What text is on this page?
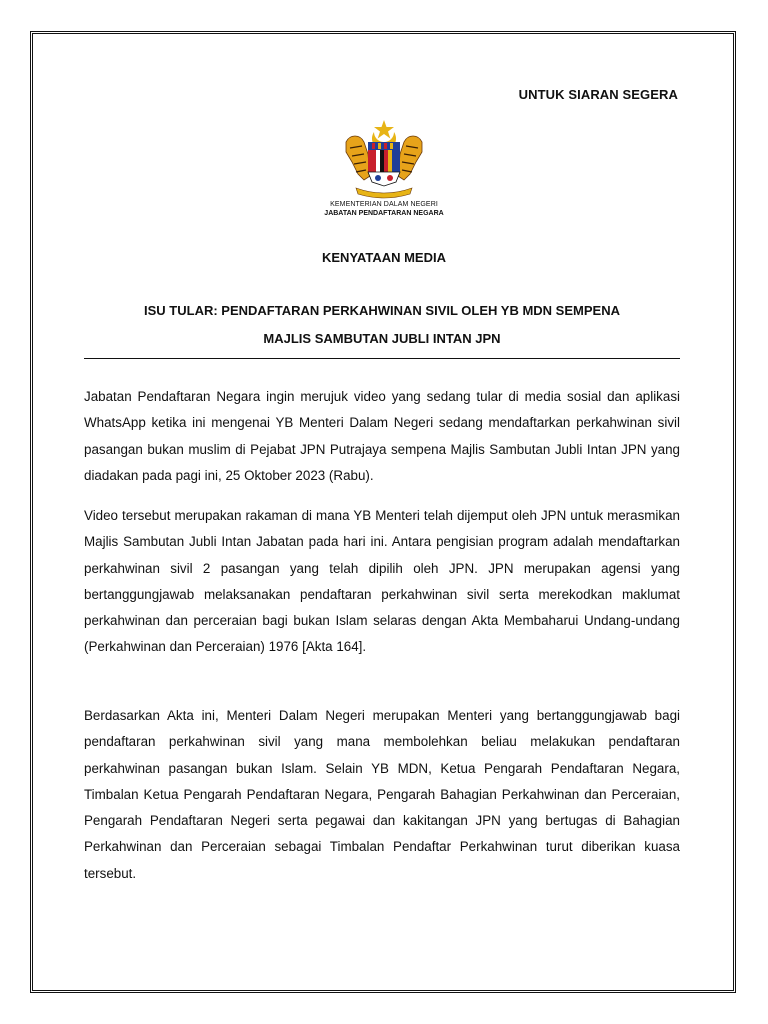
UNTUK SIARAN SEGERA
KEMENTERIAN DALAM NEGERI
JABATAN PENDAFTARAN NEGARA
KENYATAAN MEDIA
ISU TULAR: PENDAFTARAN PERKAHWINAN SIVIL OLEH YB MDN SEMPENA
MAJLIS SAMBUTAN JUBLI INTAN JPN

Jabatan Pendaftaran Negara ingin merujuk video yang sedang tular di media sosial dan aplikasi WhatsApp ketika ini mengenai YB Menteri Dalam Negeri sedang mendaftarkan perkahwinan sivil pasangan bukan muslim di Pejabat JPN Putrajaya sempena Majlis Sambutan Jubli Intan JPN yang diadakan pada pagi ini, 25 Oktober 2023 (Rabu).

Video tersebut merupakan rakaman di mana YB Menteri telah dijemput oleh JPN untuk merasmikan Majlis Sambutan Jubli Intan Jabatan pada hari ini. Antara pengisian program adalah mendaftarkan perkahwinan sivil 2 pasangan yang telah dipilih oleh JPN. JPN merupakan agensi yang bertanggungjawab melaksanakan pendaftaran perkahwinan sivil serta merekodkan maklumat perkahwinan dan perceraian bagi bukan Islam selaras dengan Akta Membaharui Undang-undang (Perkahwinan dan Perceraian) 1976 [Akta 164].

Berdasarkan Akta ini, Menteri Dalam Negeri merupakan Menteri yang bertanggungjawab bagi pendaftaran perkahwinan sivil yang mana membolehkan beliau melakukan pendaftaran perkahwinan pasangan bukan Islam. Selain YB MDN, Ketua Pengarah Pendaftaran Negara, Timbalan Ketua Pengarah Pendaftaran Negara, Pengarah Bahagian Perkahwinan dan Perceraian, Pengarah Pendaftaran Negeri serta pegawai dan kakitangan JPN yang bertugas di Bahagian Perkahwinan dan Perceraian sebagai Timbalan Pendaftar Perkahwinan turut diberikan kuasa tersebut.
